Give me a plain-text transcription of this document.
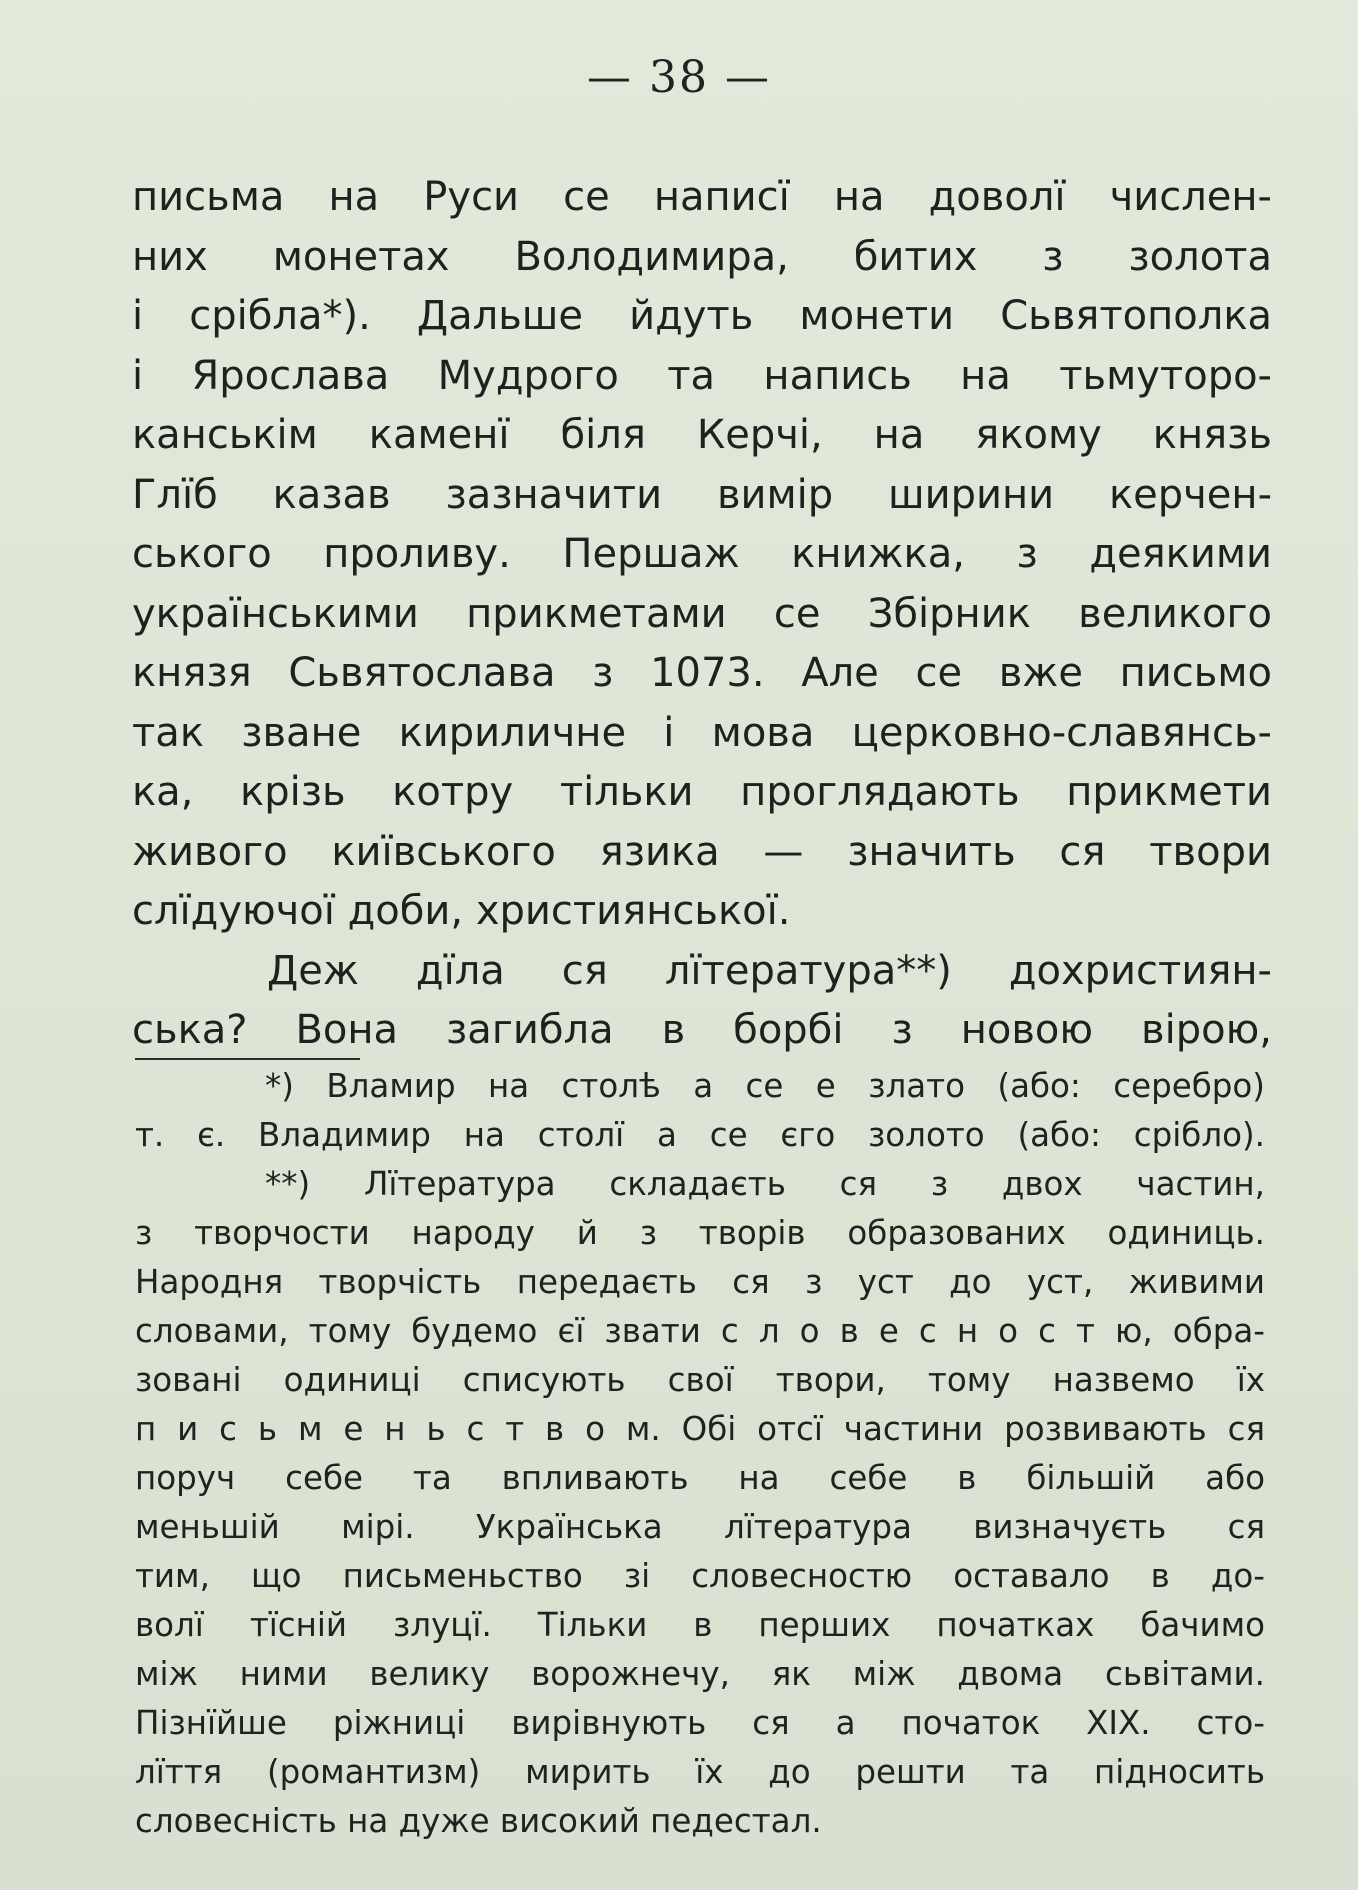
— 38 —
письма на Руси се написї на доволї числен-
них монетах Володимира, битих з золота
і срібла*). Дальше йдуть монети Сьвятополка
і Ярослава Мудрого та напись на тьмутoро-
канськім каменї біля Керчі, на якому князь
Глїб казав зазначити вимір ширини керчен-
ського проливу. Першаж книжка, з деякими
українськими прикметами се Збірник великого
князя Сьвятослава з 1073. Але се вже письмо
так зване кириличне і мова церковно-славянсь-
ка, крізь котру тільки проглядають прикмети
живого київського язика — значить ся твори
слїдуючої доби, християнської.
Деж дїла ся лїтература**) дохристиян-
ська? Вона загибла в борбі з новою вірою,
*) Вламир на столѣ а се е злато (або: серебро)
т. є. Владимир на столї а се єго золото (або: срібло).
**) Лїтература складаєть ся з двох частин,
з творчости народу й з творів образованих одиниць.
Народня творчість передаєть ся з уст до уст, живими
словами, тому будемо єї звати с л о в е с н о с т ю, обра-
зовані одиниці списують свої твори, тому назвемо їх
п и с ь м е н ь с т в о м. Обі отсї частини розвивають ся
поруч себе та впливають на себе в більшій або
меньшій мірі. Українська лїтература визначуєть ся
тим, що письменьство зі словесностю оставало в до-
волї тїсній злуцї. Тільки в перших початках бачимо
між ними велику ворожнечу, як між двома сьвітами.
Пізнїйше ріжниці вирівнують ся а початок XIX. сто-
лїття (романтизм) мирить їх до решти та підносить
словесність на дуже високий педестал.
